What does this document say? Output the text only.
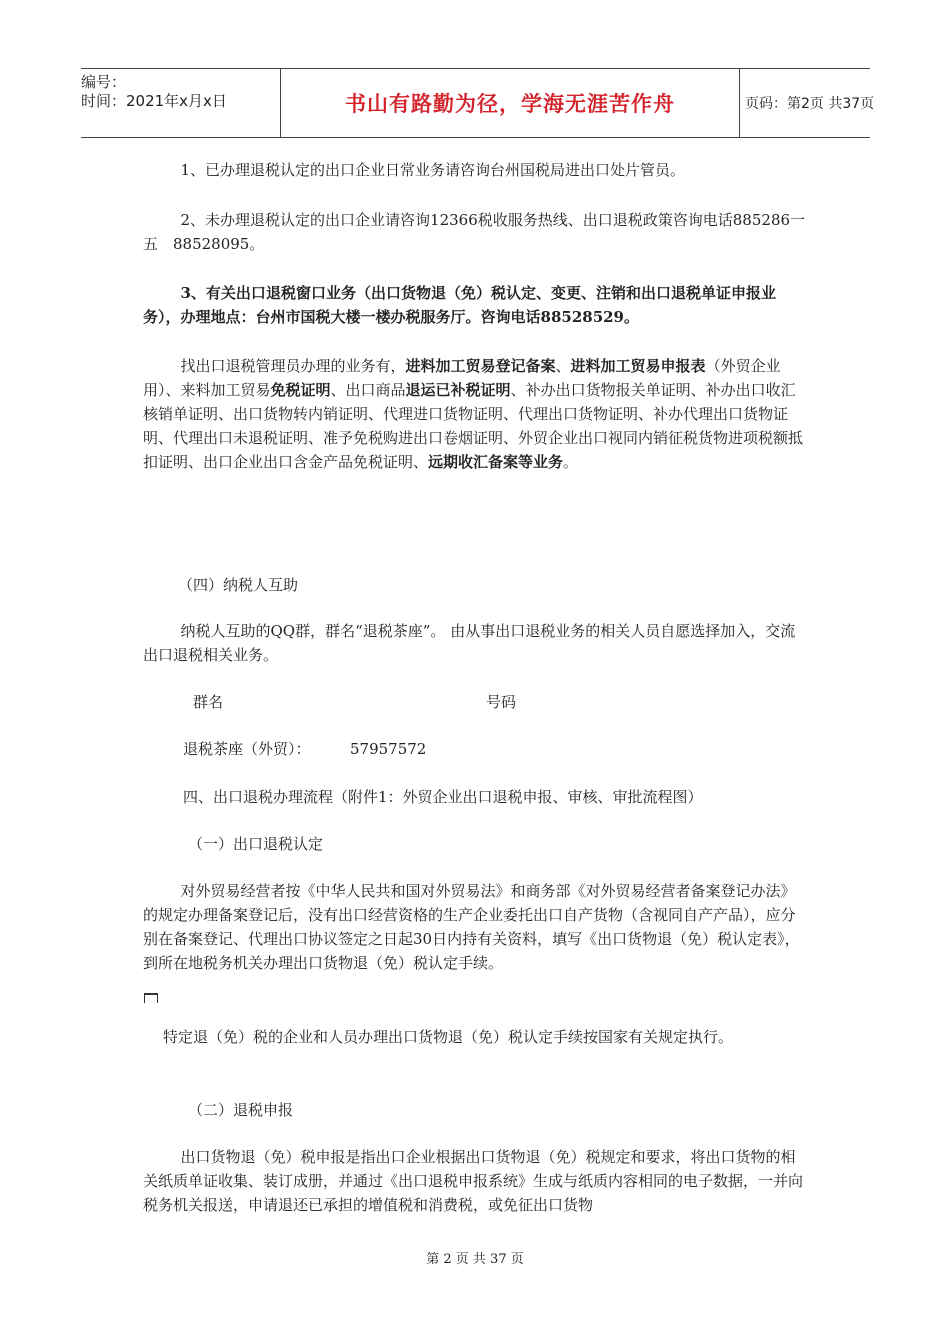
编号：
时间：2021年x月x日	书山有路勤为径，学海无涯苦作舟	页码：第2页 共37页

1、已办理退税认定的出口企业日常业务请咨询台州国税局进出口处片管员。

2、未办理退税认定的出口企业请咨询12366税收服务热线、出口退税政策咨询电话885286一五　88528095。

3、有关出口退税窗口业务（出口货物退（免）税认定、变更、注销和出口退税单证申报业务），办理地点：台州市国税大楼一楼办税服务厅。咨询电话88528529。

找出口退税管理员办理的业务有，进料加工贸易登记备案、进料加工贸易申报表（外贸企业用）、来料加工贸易免税证明、出口商品退运已补税证明、补办出口货物报关单证明、补办出口收汇核销单证明、出口货物转内销证明、代理进口货物证明、代理出口货物证明、补办代理出口货物证明、代理出口未退税证明、准予免税购进出口卷烟证明、外贸企业出口视同内销征税货物进项税额抵扣证明、出口企业出口含金产品免税证明、远期收汇备案等业务。

（四）纳税人互助

纳税人互助的QQ群，群名“退税茶座”。 由从事出口退税业务的相关人员自愿选择加入，交流出口退税相关业务。

群名	号码

退税茶座（外贸）：	57957572

四、出口退税办理流程（附件1：外贸企业出口退税申报、审核、审批流程图）

（一）出口退税认定

对外贸易经营者按《中华人民共和国对外贸易法》和商务部《对外贸易经营者备案登记办法》的规定办理备案登记后，没有出口经营资格的生产企业委托出口自产货物（含视同自产产品），应分别在备案登记、代理出口协议签定之日起30日内持有关资料，填写《出口货物退（免）税认定表》，到所在地税务机关办理出口货物退（免）税认定手续。

特定退（免）税的企业和人员办理出口货物退（免）税认定手续按国家有关规定执行。

（二）退税申报

出口货物退（免）税申报是指出口企业根据出口货物退（免）税规定和要求，将出口货物的相关纸质单证收集、装订成册，并通过《出口退税申报系统》生成与纸质内容相同的电子数据，一并向税务机关报送，申请退还已承担的增值税和消费税，或免征出口货物

第 2 页 共 37 页
